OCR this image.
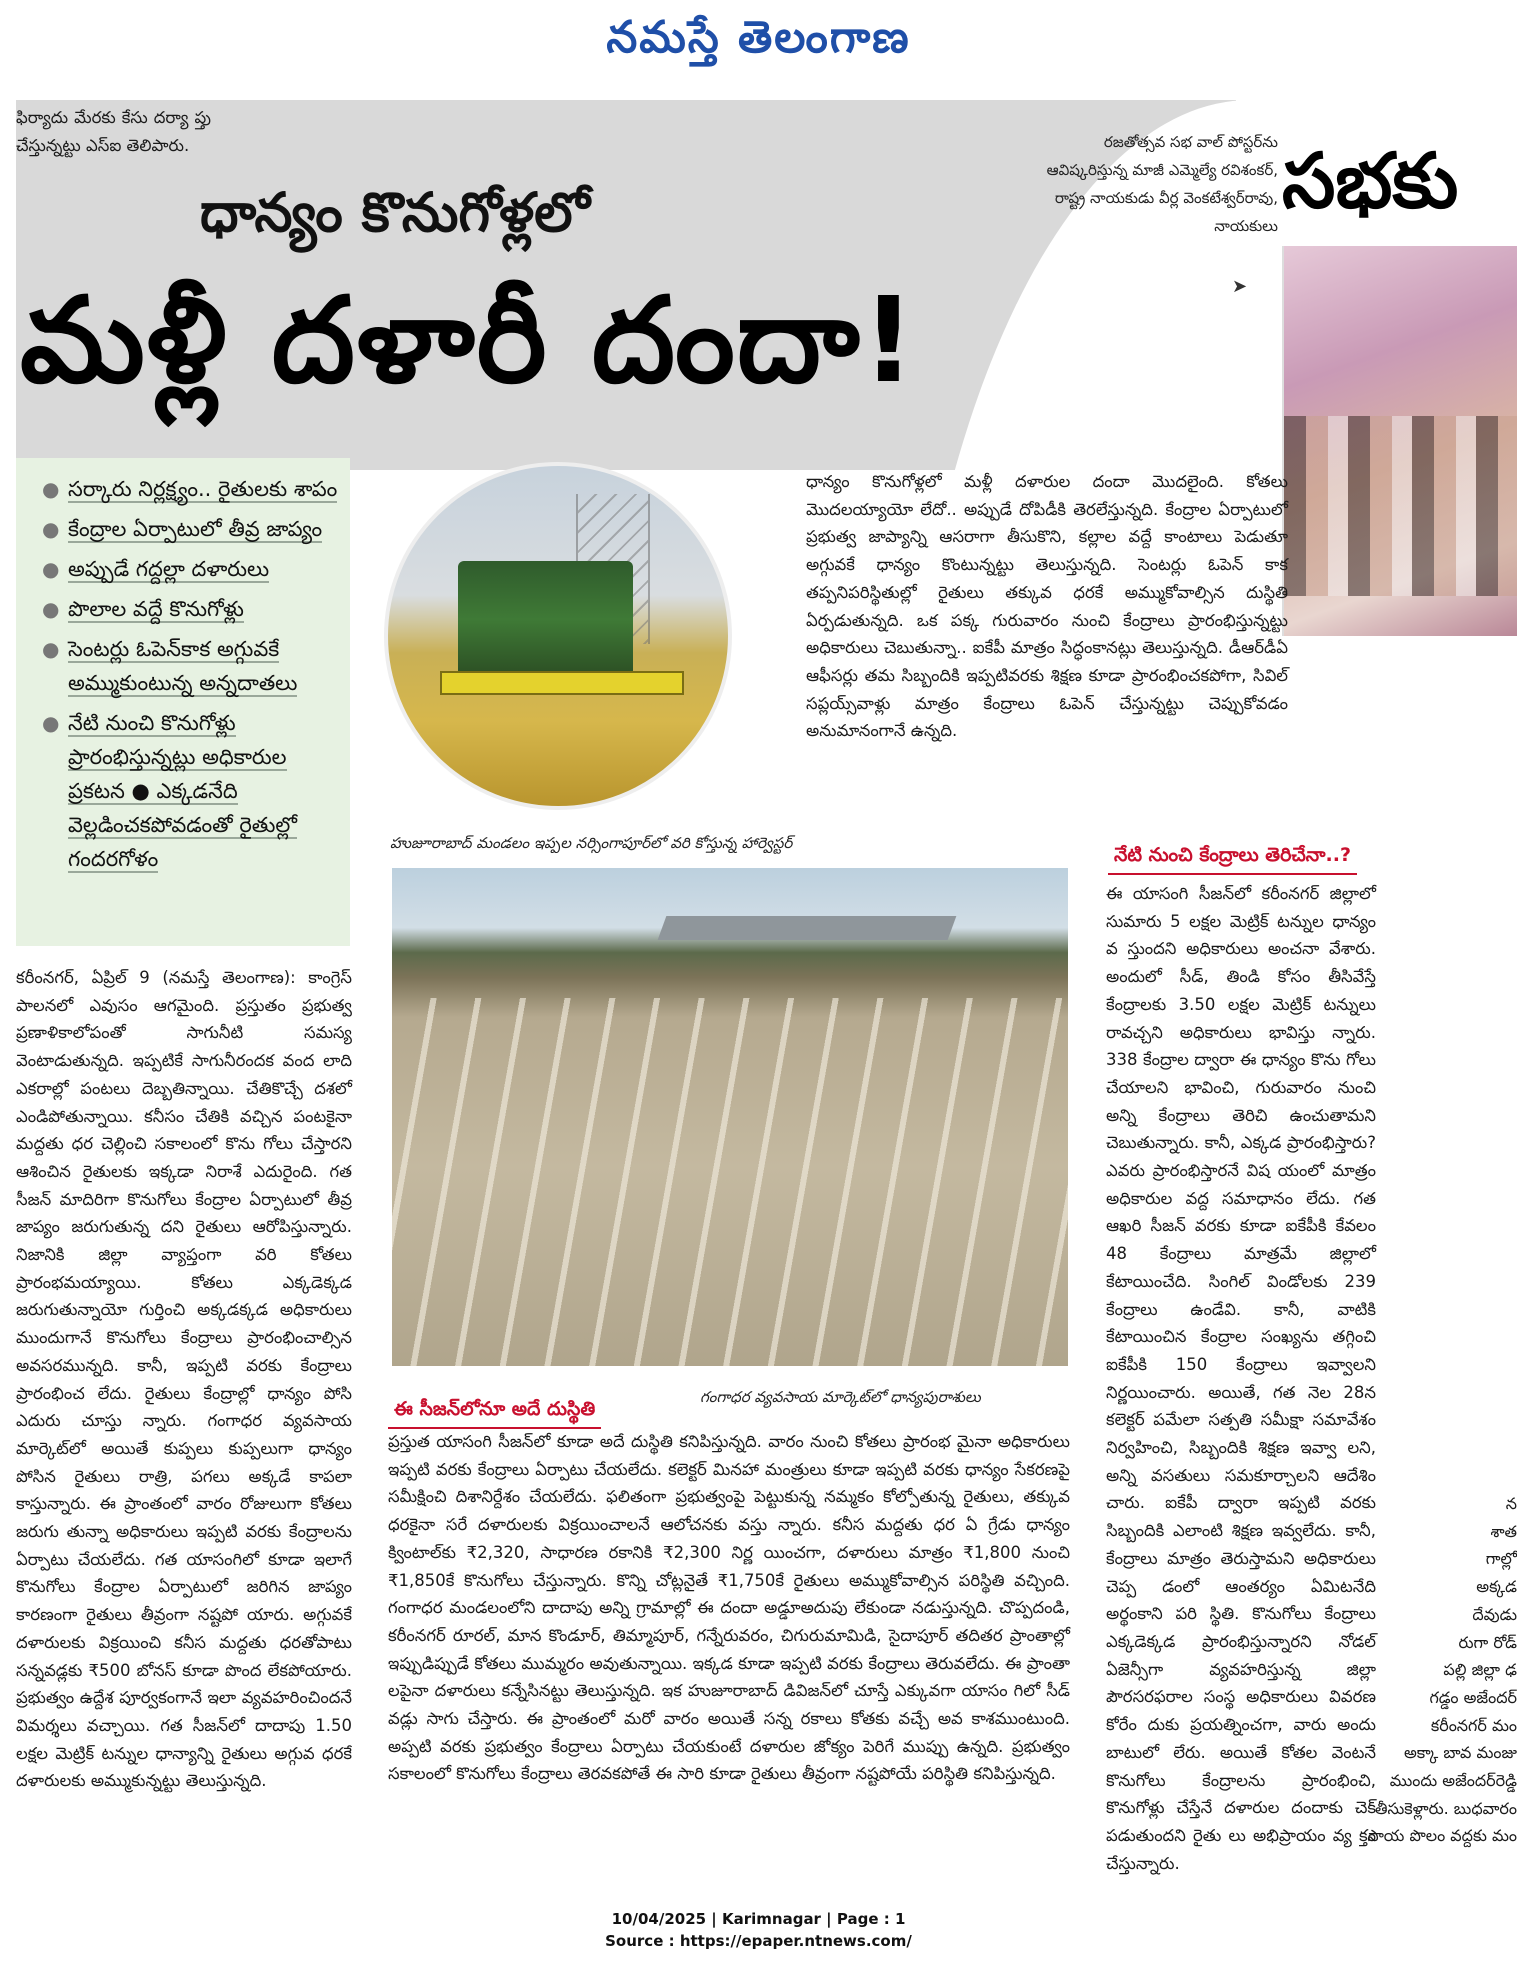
నమస్తే తెలంగాణ
ఫిర్యాదు మేరకు కేసు దర్యా ప్తు చేస్తున్నట్టు ఎస్‌ఐ తెలిపారు.
ధాన్యం కొనుగోళ్లలో
మళ్లీ దళారీ దందా!
రజతోత్సవ సభ వాల్ పోస్టర్‌ను ఆవిష్కరిస్తున్న మాజీ ఎమ్మెల్యే రవిశంకర్, రాష్ట్ర నాయకుడు వీర్ల వెంకటేశ్వర్‌రావు, నాయకులు
➤
సభకు
● సర్కారు నిర్లక్ష్యం.. రైతులకు శాపం
● కేంద్రాల ఏర్పాటులో తీవ్ర జాప్యం
● అప్పుడే గద్దల్లా దళారులు
● పొలాల వద్దే కొనుగోళ్లు
● సెంటర్లు ఓపెన్‌కాక అగ్గువకే అమ్ముకుంటున్న అన్నదాతలు
● నేటి నుంచి కొనుగోళ్లు ప్రారంభిస్తున్నట్లు అధికారుల ప్రకటన ● ఎక్కడనేది వెల్లడించకపోవడంతో రైతుల్లో గందరగోళం
ధాన్యం కొనుగోళ్లలో మళ్లీ దళారుల దందా మొదలైంది. కోతలు మొదలయ్యాయో లేదో.. అప్పుడే దోపిడీకి తెరలేస్తున్నది. కేంద్రాల ఏర్పాటులో ప్రభుత్వ జాప్యాన్ని ఆసరాగా తీసుకొని, కల్లాల వద్దే కాంటాలు పెడుతూ అగ్గువకే ధాన్యం కొంటున్నట్టు తెలుస్తున్నది. సెంటర్లు ఓపెన్ కాక తప్పనిపరిస్థితుల్లో రైతులు తక్కువ ధరకే అమ్ముకోవాల్సిన దుస్థితి ఏర్పడుతున్నది. ఒక పక్క గురువారం నుంచి కేంద్రాలు ప్రారంభిస్తున్నట్టు అధికారులు చెబుతున్నా.. ఐకేపీ మాత్రం సిద్ధంకానట్లు తెలుస్తున్నది. డీఆర్‌డీఏ ఆఫీసర్లు తమ సిబ్బందికి ఇప్పటివరకు శిక్షణ కూడా ప్రారంభించకపోగా, సివిల్ సప్లయ్స్‌వాళ్లు మాత్రం కేంద్రాలు ఓపెన్ చేస్తున్నట్టు చెప్పుకోవడం అనుమానంగానే ఉన్నది.
హుజూరాబాద్ మండలం ఇప్పల నర్సింగాపూర్‌లో వరి కోస్తున్న హార్వెస్టర్
ఈ సీజన్‌లోనూ అదే దుస్థితి
గంగాధర వ్యవసాయ మార్కెట్‌లో ధాన్యపురాశులు
నేటి నుంచి కేంద్రాలు తెరిచేనా..?
కరీంనగర్, ఏప్రిల్ 9 (నమస్తే తెలంగాణ): కాంగ్రెస్ పాలనలో ఎవుసం ఆగమైంది. ప్రస్తుతం ప్రభుత్వ ప్రణాళికాలోపంతో సాగునీటి సమస్య వెంటాడుతున్నది. ఇప్పటికే సాగునీరందక వంద లాది ఎకరాల్లో పంటలు దెబ్బతిన్నాయి. చేతికొచ్చే దశలో ఎండిపోతున్నాయి. కనీసం చేతికి వచ్చిన పంటకైనా మద్దతు ధర చెల్లించి సకాలంలో కొను గోలు చేస్తారని ఆశించిన రైతులకు ఇక్కడా నిరాశే ఎదురైంది. గత సీజన్ మాదిరిగా కొనుగోలు కేంద్రాల ఏర్పాటులో తీవ్ర జాప్యం జరుగుతున్న దని రైతులు ఆరోపిస్తున్నారు. నిజానికి జిల్లా వ్యాప్తంగా వరి కోతలు ప్రారంభమయ్యాయి. కోతలు ఎక్కడెక్కడ జరుగుతున్నాయో గుర్తించి అక్కడక్కడ అధికారులు ముందుగానే కొనుగోలు కేంద్రాలు ప్రారంభించాల్సిన అవసరమున్నది. కానీ, ఇప్పటి వరకు కేంద్రాలు ప్రారంభించ లేదు. రైతులు కేంద్రాల్లో ధాన్యం పోసి ఎదురు చూస్తు న్నారు. గంగాధర వ్యవసాయ మార్కెట్‌లో అయితే కుప్పలు కుప్పలుగా ధాన్యం పోసిన రైతులు రాత్రి, పగలు అక్కడే కాపలా కాస్తున్నారు. ఈ ప్రాంతంలో వారం రోజులుగా కోతలు జరుగు తున్నా అధికారులు ఇప్పటి వరకు కేంద్రాలను ఏర్పాటు చేయలేదు. గత యాసంగిలో కూడా ఇలాగే కొనుగోలు కేంద్రాల ఏర్పాటులో జరిగిన జాప్యం కారణంగా రైతులు తీవ్రంగా నష్టపో యారు. అగ్గువకే దళారులకు విక్రయించి కనీస మద్దతు ధరతోపాటు సన్నవడ్లకు ₹500 బోనస్ కూడా పొంద లేకపోయారు. ప్రభుత్వం ఉద్దేశ పూర్వకంగానే ఇలా వ్యవహరించిందనే విమర్శలు వచ్చాయి. గత సీజన్‌లో దాదాపు 1.50 లక్షల మెట్రిక్ టన్నుల ధాన్యాన్ని రైతులు అగ్గువ ధరకే దళారులకు అమ్ముకున్నట్టు తెలుస్తున్నది.
ప్రస్తుత యాసంగి సీజన్‌లో కూడా అదే దుస్థితి కనిపిస్తున్నది. వారం నుంచి కోతలు ప్రారంభ మైనా అధికారులు ఇప్పటి వరకు కేంద్రాలు ఏర్పాటు చేయలేదు. కలెక్టర్ మినహా మంత్రులు కూడా ఇప్పటి వరకు ధాన్యం సేకరణపై సమీక్షించి దిశానిర్దేశం చేయలేదు. ఫలితంగా ప్రభుత్వంపై పెట్టుకున్న నమ్మకం కోల్పోతున్న రైతులు, తక్కువ ధరకైనా సరే దళారులకు విక్రయించాలనే ఆలోచనకు వస్తు న్నారు. కనీస మద్దతు ధర ఏ గ్రేడు ధాన్యం క్వింటాల్‌కు ₹2,320, సాధారణ రకానికి ₹2,300 నిర్ణ యించగా, దళారులు మాత్రం ₹1,800 నుంచి ₹1,850కే కొనుగోలు చేస్తున్నారు. కొన్ని చోట్లనైతే ₹1,750కే రైతులు అమ్ముకోవాల్సిన పరిస్థితి వచ్చింది. గంగాధర మండలంలోని దాదాపు అన్ని గ్రామాల్లో ఈ దందా అడ్డూఅదుపు లేకుండా నడుస్తున్నది. చొప్పదండి, కరీంనగర్ రూరల్, మాన కొండూర్, తిమ్మాపూర్, గన్నేరువరం, చిగురుమామిడి, సైదాపూర్ తదితర ప్రాంతాల్లో ఇప్పుడిప్పుడే కోతలు ముమ్మరం అవుతున్నాయి. ఇక్కడ కూడా ఇప్పటి వరకు కేంద్రాలు తెరువలేదు. ఈ ప్రాంతా లపైనా దళారులు కన్నేసినట్టు తెలుస్తున్నది. ఇక హుజూరాబాద్ డివిజన్‌లో చూస్తే ఎక్కువగా యాసం గిలో సీడ్ వడ్లు సాగు చేస్తారు. ఈ ప్రాంతంలో మరో వారం అయితే సన్న రకాలు కోతకు వచ్చే అవ కాశముంటుంది. అప్పటి వరకు ప్రభుత్వం కేంద్రాలు ఏర్పాటు చేయకుంటే దళారుల జోక్యం పెరిగే ముప్పు ఉన్నది. ప్రభుత్వం సకాలంలో కొనుగోలు కేంద్రాలు తెరవకపోతే ఈ సారి కూడా రైతులు తీవ్రంగా నష్టపోయే పరిస్థితి కనిపిస్తున్నది.
ఈ యాసంగి సీజన్‌లో కరీంనగర్ జిల్లాలో సుమారు 5 లక్షల మెట్రిక్ టన్నుల ధాన్యం వ స్తుందని అధికారులు అంచనా వేశారు. అందులో సీడ్, తిండి కోసం తీసివేస్తే కేంద్రాలకు 3.50 లక్షల మెట్రిక్ టన్నులు రావచ్చని అధికారులు భావిస్తు న్నారు. 338 కేంద్రాల ద్వారా ఈ ధాన్యం కొను గోలు చేయాలని భావించి, గురువారం నుంచి అన్ని కేంద్రాలు తెరిచి ఉంచుతామని చెబుతున్నారు. కానీ, ఎక్కడ ప్రారంభిస్తారు? ఎవరు ప్రారంభిస్తారనే విష యంలో మాత్రం అధికారుల వద్ద సమాధానం లేదు. గత ఆఖరి సీజన్ వరకు కూడా ఐకేపీకి కేవలం 48 కేంద్రాలు మాత్రమే జిల్లాలో కేటాయించేది. సింగిల్ విండోలకు 239 కేంద్రాలు ఉండేవి. కానీ, వాటికి కేటాయించిన కేంద్రాల సంఖ్యను తగ్గించి ఐకేపీకి 150 కేంద్రాలు ఇవ్వాలని నిర్ణయించారు. అయితే, గత నెల 28న కలెక్టర్ పమేలా సత్పతి సమీక్షా సమావేశం నిర్వహించి, సిబ్బందికి శిక్షణ ఇవ్వా లని, అన్ని వసతులు సమకూర్చాలని ఆదేశిం చారు. ఐకేపీ ద్వారా ఇప్పటి వరకు సిబ్బందికి ఎలాంటి శిక్షణ ఇవ్వలేదు. కానీ, కేంద్రాలు మాత్రం తెరుస్తామని అధికారులు చెప్ప డంలో ఆంతర్యం ఏమిటనేది అర్థంకాని పరి స్థితి. కొనుగోలు కేంద్రాలు ఎక్కడెక్కడ ప్రారంభిస్తున్నారని నోడల్ ఏజెన్సీగా వ్యవహరిస్తున్న జిల్లా పౌరసరఫరాల సంస్థ అధికారులు వివరణ కోరేం దుకు ప్రయత్నించగా, వారు అందు బాటులో లేరు. అయితే కోతల వెంటనే కొనుగోలు కేంద్రాలను ప్రారంభించి, కొనుగోళ్లు చేస్తేనే దళారుల దందాకు చెక్ పడుతుందని రైతు లు అభిప్రాయం వ్య క్తం చేస్తున్నారు.
న
శాత
గాల్లో
అక్కడ
దేవుడు
రుగా రోడ్
పల్లి జిల్లా ఢ
గడ్డం అజేందర్
కరీంనగర్ మం
అక్కా బావ మంజు
ముందు అజేందర్‌రెడ్డి
తీసుకెళ్లారు. బుధవారం
సాయ పొలం వద్దకు మం
10/04/2025 | Karimnagar | Page : 1
Source : https://epaper.ntnews.com/
